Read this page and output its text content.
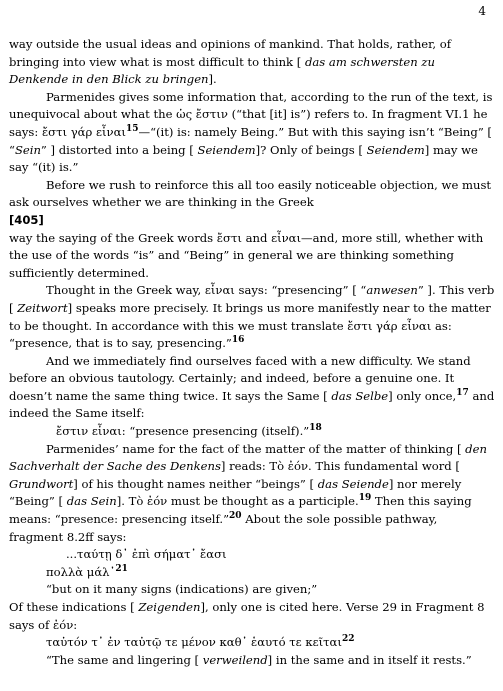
4

way outside the usual ideas and opinions of mankind. That holds, rather, of bringing into view what is most difficult to think [ das am schwersten zu Denkende in den Blick zu bringen].

Parmenides gives some information that, according to the run of the text, is unequivocal about what the ὡς ἔστιν (“that [it] is”) refers to. In fragment VI.1 he says: ἔστι γάρ εἶναι$^{15}$—“(it) is: namely Being.” But with this saying isn’t “Being” [ “Sein” ] distorted into a being [ Seiendem]? Only of beings [ Seiendem] may we say “(it) is.”

Before we rush to reinforce this all too easily noticeable objection, we must ask ourselves whether we are thinking in the Greek

[405]

way the saying of the Greek words ἔστι and εἶναι—and, more still, whether with the use of the words “is” and “Being” in general we are thinking something sufficiently determined.

Thought in the Greek way, εἶναι says: “presencing” [ “anwesen” ]. This verb [ Zeitwort] speaks more precisely. It brings us more manifestly near to the matter to be thought. In accordance with this we must translate ἔστι γάρ εἶναι as: “presence, that is to say, presencing.”$^{16}$

And we immediately find ourselves faced with a new difficulty. We stand before an obvious tautology. Certainly; and indeed, before a genuine one. It doesn’t name the same thing twice. It says the Same [ das Selbe] only once,$^{17}$ and indeed the Same itself:

ἔστιν εἶναι: “presence presencing (itself).”$^{18}$

Parmenides’ name for the fact of the matter of the matter of thinking [ den Sachverhalt der Sache des Denkens] reads: Τὸ ἐόν. This fundamental word [ Grundwort] of his thought names neither “beings” [ das Seiende] nor merely “Being” [ das Sein]. Τὸ ἐόν must be thought as a participle.$^{19}$ Then this saying means: “presence: presencing itself.”$^{20}$ About the sole possible pathway, fragment 8.2ff says:

...ταύτῃ δ᾿ ἐπὶ σήματ᾿ ἔασι

πολλὰ μάλ᾿$^{21}$

“but on it many signs (indications) are given;”

Of these indications [ Zeigenden], only one is cited here. Verse 29 in Fragment 8 says of ἐόν:

ταὐτόν τ᾿ ἐν ταὐτῷ τε μένον καθ᾿ ἑαυτό τε κεῖται$^{22}$

“The same and lingering [ verweilend] in the same and in itself it rests.”
